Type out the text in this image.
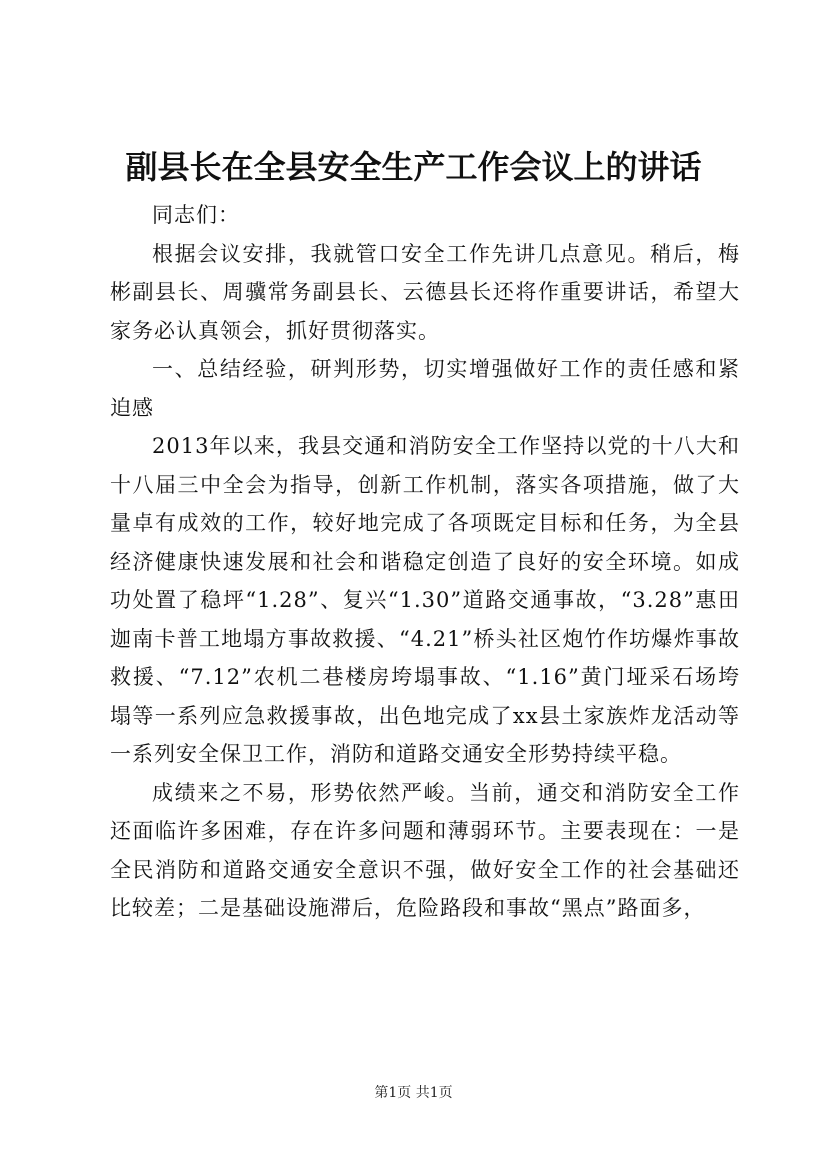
副县长在全县安全生产工作会议上的讲话

同志们：

根据会议安排，我就管口安全工作先讲几点意见。稍后，梅彬副县长、周骥常务副县长、云德县长还将作重要讲话，希望大家务必认真领会，抓好贯彻落实。

一、总结经验，研判形势，切实增强做好工作的责任感和紧迫感

2013年以来，我县交通和消防安全工作坚持以党的十八大和十八届三中全会为指导，创新工作机制，落实各项措施，做了大量卓有成效的工作，较好地完成了各项既定目标和任务，为全县经济健康快速发展和社会和谐稳定创造了良好的安全环境。如成功处置了稳坪“1.28”、复兴“1.30”道路交通事故，“3.28”惠田迦南卡普工地塌方事故救援、“4.21”桥头社区炮竹作坊爆炸事故救援、“7.12”农机二巷楼房垮塌事故、“1.16”黄门垭采石场垮塌等一系列应急救援事故，出色地完成了xx县土家族炸龙活动等一系列安全保卫工作，消防和道路交通安全形势持续平稳。

成绩来之不易，形势依然严峻。当前，通交和消防安全工作还面临许多困难，存在许多问题和薄弱环节。主要表现在：一是全民消防和道路交通安全意识不强，做好安全工作的社会基础还比较差；二是基础设施滞后，危险路段和事故“黑点”路面多，

第1页 共1页
